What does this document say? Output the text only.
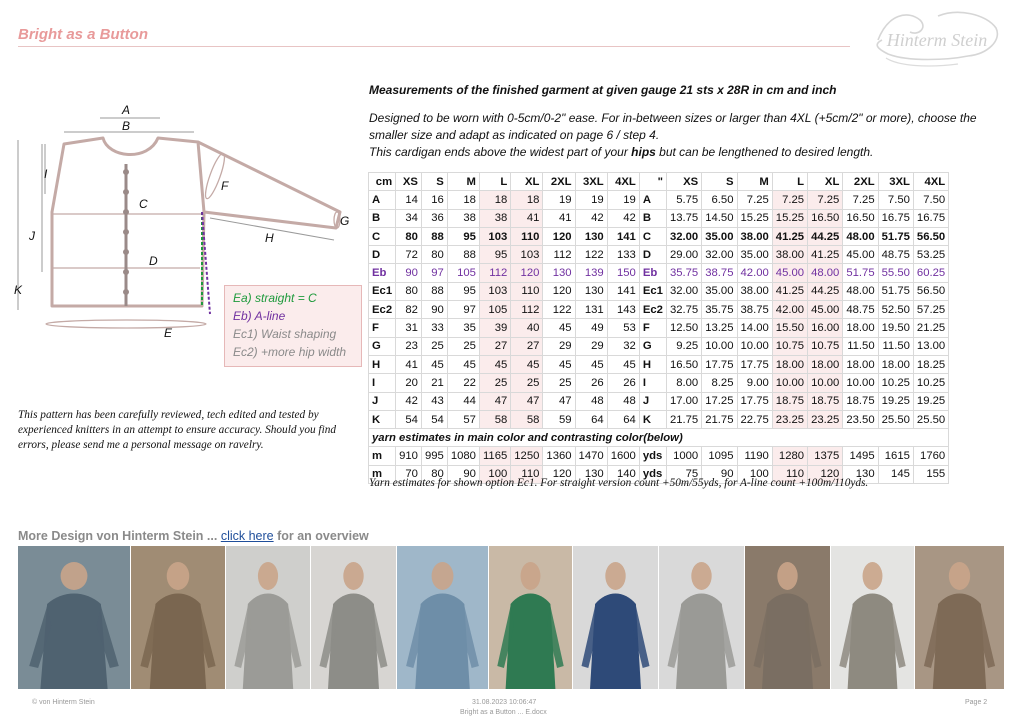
Bright as a Button	Hinterm Stein
Measurements of the finished garment at given gauge 21 sts x 28R in cm and inch

Designed to be worn with 0-5cm/0-2" ease. For in-between sizes or larger than 4XL (+5cm/2" or more), choose the smaller size and adapt as indicated on page 6 / step 4.

This cardigan ends above the widest part of your hips but can be lengthened to desired length.

A
B
C
D
E
F
G
H
I
J
K
Ea) straight = C
Eb) A-line
Ec1) Waist shaping
Ec2) +more hip width
This pattern has been carefully reviewed, tech edited and tested by experienced knitters in an attempt to ensure accuracy. Should you find errors, please send me a personal message on ravelry.
cm	XS	S	M	L	XL	2XL	3XL	4XL	"	XS	S	M	L	XL	2XL	3XL	4XL
A	14	16	18	18	18	19	19	19	A	5.75	6.50	7.25	7.25	7.25	7.25	7.50	7.50
B	34	36	38	38	41	41	42	42	B	13.75	14.50	15.25	15.25	16.50	16.50	16.75	16.75
C	80	88	95	103	110	120	130	141	C	32.00	35.00	38.00	41.25	44.25	48.00	51.75	56.50
D	72	80	88	95	103	112	122	133	D	29.00	32.00	35.00	38.00	41.25	45.00	48.75	53.25
Eb	90	97	105	112	120	130	139	150	Eb	35.75	38.75	42.00	45.00	48.00	51.75	55.50	60.25
Ec1	80	88	95	103	110	120	130	141	Ec1	32.00	35.00	38.00	41.25	44.25	48.00	51.75	56.50
Ec2	82	90	97	105	112	122	131	143	Ec2	32.75	35.75	38.75	42.00	45.00	48.75	52.50	57.25
F	31	33	35	39	40	45	49	53	F	12.50	13.25	14.00	15.50	16.00	18.00	19.50	21.25
G	23	25	25	27	27	29	29	32	G	9.25	10.00	10.00	10.75	10.75	11.50	11.50	13.00
H	41	45	45	45	45	45	45	45	H	16.50	17.75	17.75	18.00	18.00	18.00	18.00	18.25
I	20	21	22	25	25	25	26	26	I	8.00	8.25	9.00	10.00	10.00	10.00	10.25	10.25
J	42	43	44	47	47	47	48	48	J	17.00	17.25	17.75	18.75	18.75	18.75	19.25	19.25
K	54	54	57	58	58	59	64	64	K	21.75	21.75	22.75	23.25	23.25	23.50	25.50	25.50
yarn estimates in main color and contrasting color(below)																	
m	910	995	1080	1165	1250	1360	1470	1600	yds	1000	1095	1190	1280	1375	1495	1615	1760
m	70	80	90	100	110	120	130	140	yds	75	90	100	110	120	130	145	155
Yarn estimates for shown option Ec1. For straight version count +50m/55yds, for A-line count +100m/110yds.
More Design von Hinterm Stein ... click here for an overview
© von Hinterm Stein	31.08.2023 10:06:47
Bright as a Button ... E.docx
Page 2
